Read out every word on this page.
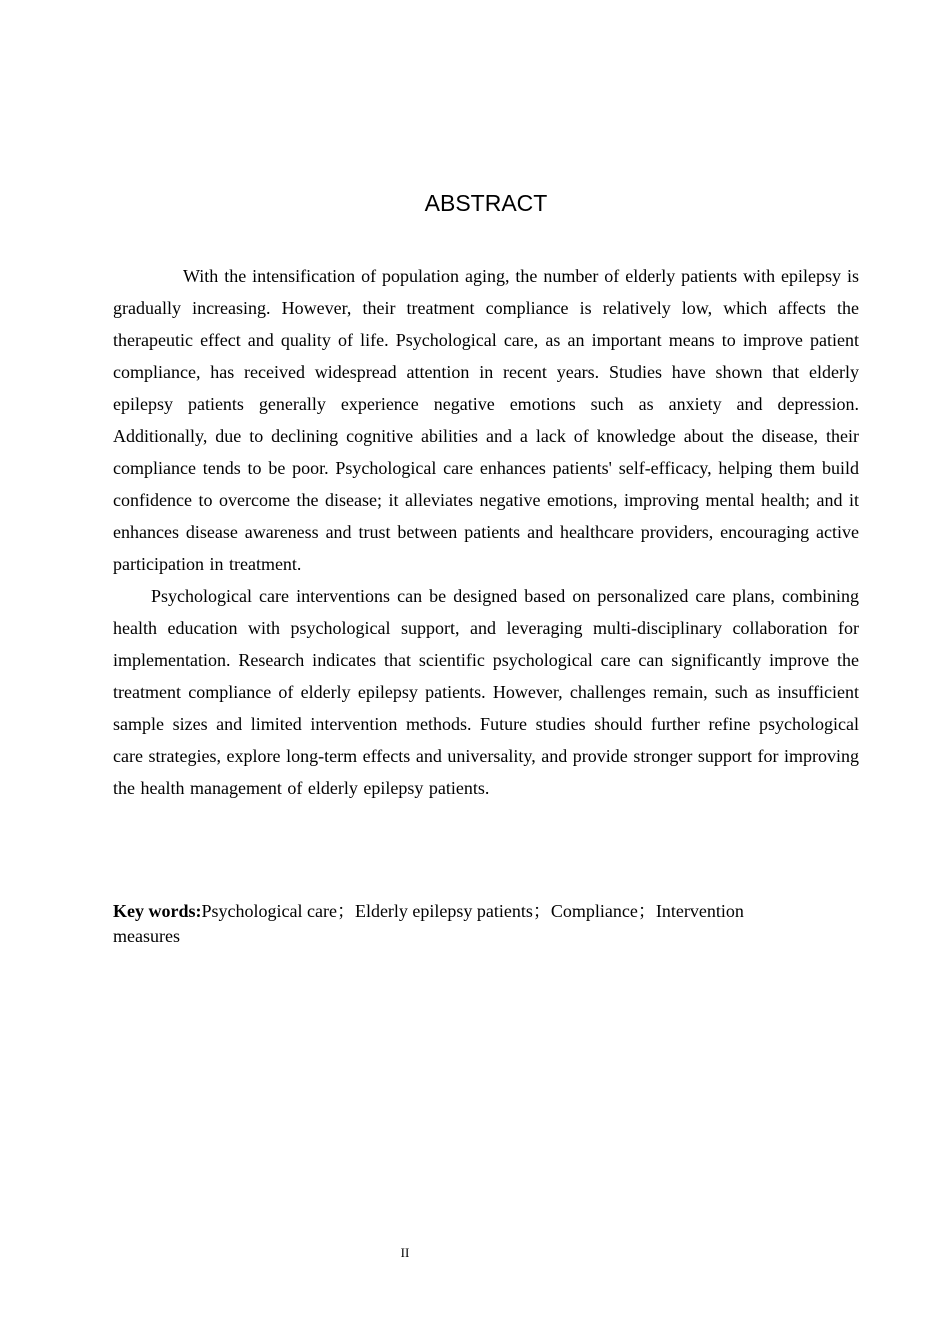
ABSTRACT

With the intensification of population aging, the number of elderly patients with epilepsy is gradually increasing. However, their treatment compliance is relatively low, which affects the therapeutic effect and quality of life. Psychological care, as an important means to improve patient compliance, has received widespread attention in recent years. Studies have shown that elderly epilepsy patients generally experience negative emotions such as anxiety and depression. Additionally, due to declining cognitive abilities and a lack of knowledge about the disease, their compliance tends to be poor. Psychological care enhances patients' self-efficacy, helping them build confidence to overcome the disease; it alleviates negative emotions, improving mental health; and it enhances disease awareness and trust between patients and healthcare providers, encouraging active participation in treatment.

Psychological care interventions can be designed based on personalized care plans, combining health education with psychological support, and leveraging multi-disciplinary collaboration for implementation. Research indicates that scientific psychological care can significantly improve the treatment compliance of elderly epilepsy patients. However, challenges remain, such as insufficient sample sizes and limited intervention methods. Future studies should further refine psychological care strategies, explore long-term effects and universality, and provide stronger support for improving the health management of elderly epilepsy patients.

Key words:Psychological care；Elderly epilepsy patients；Compliance；Intervention measures

II
